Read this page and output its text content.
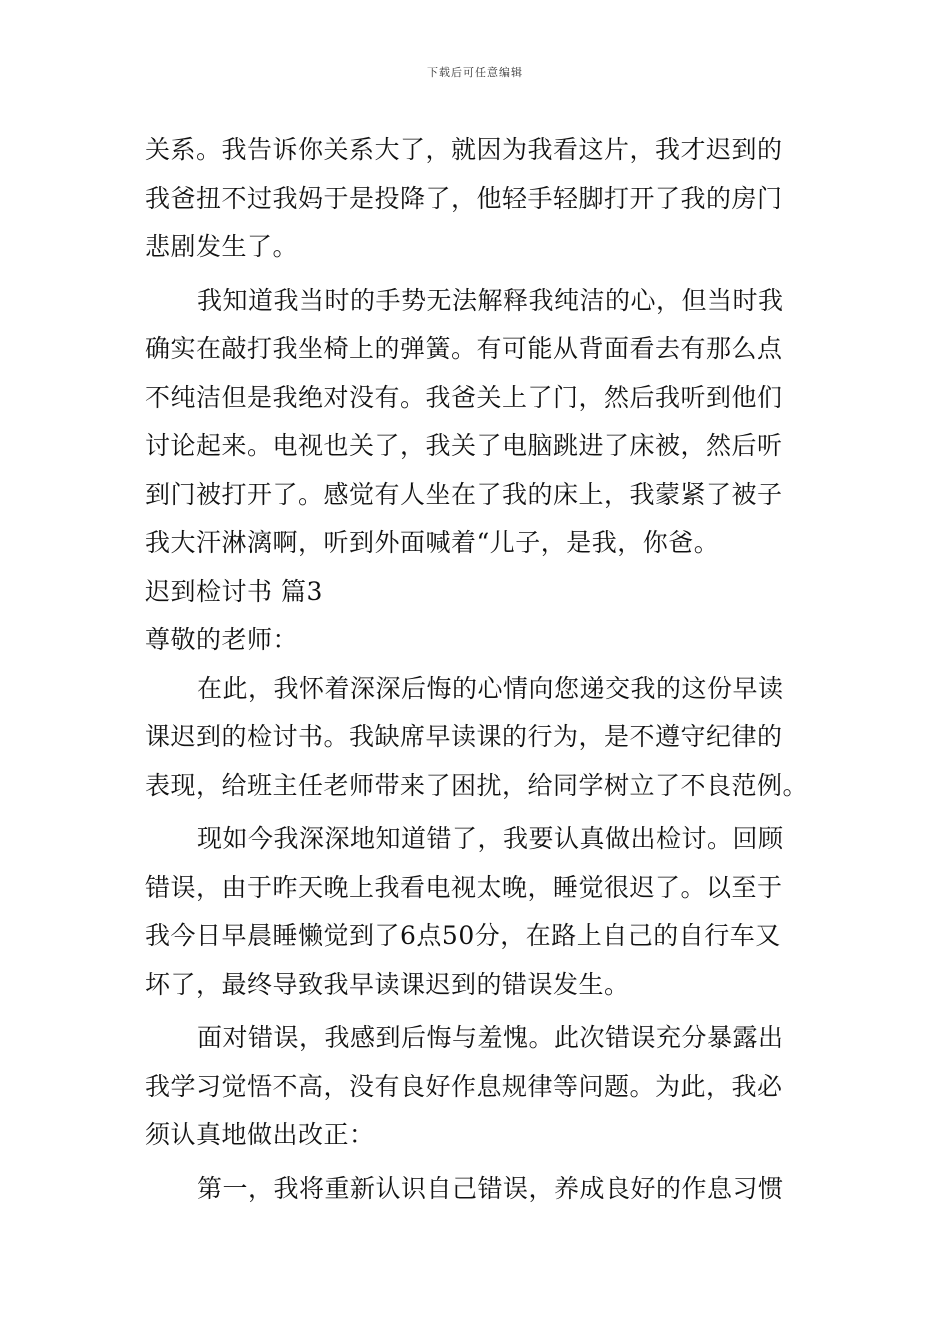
下载后可任意编辑
关系。我告诉你关系大了，就因为我看这片，我才迟到的
我爸扭不过我妈于是投降了，他轻手轻脚打开了我的房门
悲剧发生了。
我知道我当时的手势无法解释我纯洁的心，但当时我
确实在敲打我坐椅上的弹簧。有可能从背面看去有那么点
不纯洁但是我绝对没有。我爸关上了门，然后我听到他们
讨论起来。电视也关了，我关了电脑跳进了床被，然后听
到门被打开了。感觉有人坐在了我的床上，我蒙紧了被子
我大汗淋漓啊，听到外面喊着“儿子，是我，你爸。
迟到检讨书 篇3
尊敬的老师：
在此，我怀着深深后悔的心情向您递交我的这份早读
课迟到的检讨书。我缺席早读课的行为，是不遵守纪律的
表现，给班主任老师带来了困扰，给同学树立了不良范例。
现如今我深深地知道错了，我要认真做出检讨。回顾
错误，由于昨天晚上我看电视太晚，睡觉很迟了。以至于
我今日早晨睡懒觉到了6点50分，在路上自己的自行车又
坏了，最终导致我早读课迟到的错误发生。
面对错误，我感到后悔与羞愧。此次错误充分暴露出
我学习觉悟不高，没有良好作息规律等问题。为此，我必
须认真地做出改正：
第一，我将重新认识自己错误，养成良好的作息习惯
